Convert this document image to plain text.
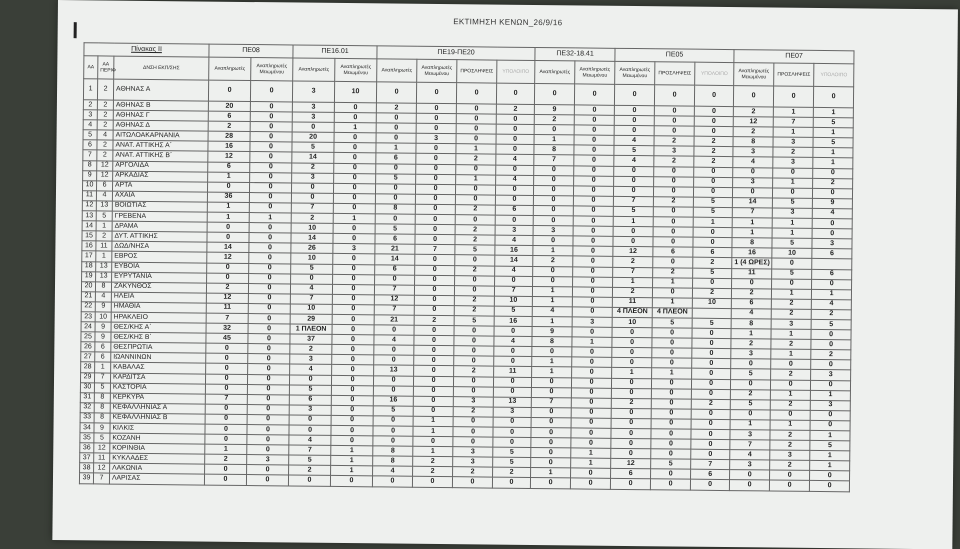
ΕΚΤΙΜΗΣΗ ΚΕΝΩΝ_26/9/16
Πίνακας ΙΙ			ΠΕ08		ΠΕ16.01		ΠΕ19-ΠΕ20				ΠΕ32-18.41		ΠΕ05			ΠΕ07		
ΑΑ	ΑΑ ΠΕΡΙΦ	ΔΝΣΗ ΕΚΠ/ΣΗΣ	Αναπληρωτές	Αναπληρωτές Μειωμένου	Αναπληρωτές	Αναπληρωτές Μειωμένου	Αναπληρωτές	Αναπληρωτές Μειωμένου	ΠΡΟΣΛΗΨΕΙΣ	ΥΠΟΛΟΙΠΟ	Αναπληρωτές	Αναπληρωτές Μειωμένου	Αναπληρωτές Μειωμένου	ΠΡΟΣΛΗΨΕΙΣ	ΥΠΟΛΟΙΠΟ	Αναπληρωτές Μειωμένου	ΠΡΟΣΛΗΨΕΙΣ	ΥΠΟΛΟΙΠΟ
1	2	ΑΘΗΝΑΣ Α	0	0	3	10	0	0	0	0	0	0	0	0	0	0	0	0
2	2	ΑΘΗΝΑΣ Β	20	0	3	0	2	0	0	2	9	0	0	0	0	2	1	1
3	2	ΑΘΗΝΑΣ Γ	6	0	3	0	0	0	0	0	2	0	0	0	0	12	7	5
4	2	ΑΘΗΝΑΣ Δ	2	0	0	1	0	0	0	0	0	0	0	0	0	2	1	1
5	4	ΑΙΤΩΛΟΑΚΑΡΝΑΝΙΑ	28	0	20	0	0	3	0	0	1	0	4	2	2	8	3	5
6	2	ΑΝΑΤ. ΑΤΤΙΚΗΣ Α΄	16	0	5	0	1	0	1	0	8	0	5	3	2	3	2	1
7	2	ΑΝΑΤ. ΑΤΤΙΚΗΣ Β΄	12	0	14	0	6	0	2	4	7	0	4	2	2	4	3	1
8	12	ΑΡΓΟΛΙΔΑ	6	0	2	0	0	0	0	0	0	0	0	0	0	0	0	0
9	12	ΑΡΚΑΔΙΑΣ	1	0	3	0	5	0	1	4	0	0	0	0	0	3	1	2
10	6	ΑΡΤΑ	0	0	0	0	0	0	0	0	0	0	0	0	0	0	0	0
11	4	ΑΧΑΪΑ	36	0	0	0	0	0	0	0	0	0	7	2	5	14	5	9
12	13	ΒΟΙΩΤΙΑΣ	1	0	7	0	8	0	2	6	0	0	5	0	5	7	3	4
13	5	ΓΡΕΒΕΝΑ	1	1	2	1	0	0	0	0	0	0	1	0	1	1	1	0
14	1	ΔΡΑΜΑ	0	0	10	0	5	0	2	3	3	0	0	0	0	1	1	0
15	2	ΔΥΤ. ΑΤΤΙΚΗΣ	0	0	14	0	6	0	2	4	0	0	0	0	0	8	5	3
16	11	ΔΩΔ/ΝΗΣΑ	14	0	26	3	21	7	5	16	1	0	12	6	6	16	10	6
17	1	ΕΒΡΟΣ	12	0	10	0	14	0	0	14	2	0	2	0	2	1 (4 ΩΡΕΣ)	0	
18	13	ΕΥΒΟΙΑ	0	0	5	0	6	0	2	4	0	0	7	2	5	11	5	6
19	13	ΕΥΡΥΤΑΝΙΑ	0	0	0	0	0	0	0	0	0	0	1	1	0	0	0	0
20	8	ΖΑΚΥΝΘΟΣ	2	0	4	0	7	0	0	7	1	0	2	0	2	2	1	1
21	4	ΗΛΕΙΑ	12	0	7	0	12	0	2	10	1	0	11	1	10	6	2	4
22	9	ΗΜΑΘΙΑ	11	0	10	0	7	0	2	5	4	0	4 ΠΛΕΟΝ	4 ΠΛΕΟΝ		4	2	2
23	10	ΗΡΑΚΛΕΙΟ	7	0	29	0	21	2	5	16	1	3	10	5	5	8	3	5
24	9	ΘΕΣ/ΚΗΣ Α΄	32	0	1 ΠΛΕΟΝ	0	0	0	0	0	9	0	0	0	0	1	1	0
25	9	ΘΕΣ/ΚΗΣ Β΄	45	0	37	0	4	0	0	4	8	1	0	0	0	2	2	0
26	6	ΘΕΣΠΡΩΤΙΑ	0	0	2	0	0	0	0	0	0	0	0	0	0	3	1	2
27	6	ΙΩΑΝΝΙΝΩΝ	0	0	3	0	0	0	0	0	1	0	0	0	0	0	0	0
28	1	ΚΑΒΑΛΑΣ	0	0	4	0	13	0	2	11	1	0	1	1	0	5	2	3
29	7	ΚΑΡΔΙΤΣΑ	0	0	0	0	0	0	0	0	0	0	0	0	0	0	0	0
30	5	ΚΑΣΤΟΡΙΑ	0	0	5	0	0	0	0	0	0	0	0	0	0	2	1	1
31	8	ΚΕΡΚΥΡΑ	7	0	6	0	16	0	3	13	7	0	2	0	2	5	2	3
32	8	ΚΕΦΑΛΛΗΝΙΑΣ Α	0	0	3	0	5	0	2	3	0	0	0	0	0	0	0	0
33	8	ΚΕΦΑΛΛΗΝΙΑΣ Β	0	0	0	0	0	1	0	0	0	0	0	0	0	1	1	0
34	9	ΚΙΛΚΙΣ	0	0	0	0	0	1	0	0	0	0	0	0	0	3	2	1
35	5	ΚΟΖΑΝΗ	0	0	4	0	0	0	0	0	0	0	0	0	0	7	2	5
36	12	ΚΟΡΙΝΘΙΑ	1	0	7	1	8	1	3	5	0	1	0	0	0	4	3	1
37	11	ΚΥΚΛΑΔΕΣ	2	3	5	1	8	2	3	5	0	1	12	5	7	3	2	1
38	12	ΛΑΚΩΝΙΑ	0	0	2	1	4	2	2	2	1	0	6	0	6	0	0	0
39	7	ΛΑΡΙΣΑΣ	0	0	0	0	0	0	0	0	0	0	0	0	0	0	0	0
